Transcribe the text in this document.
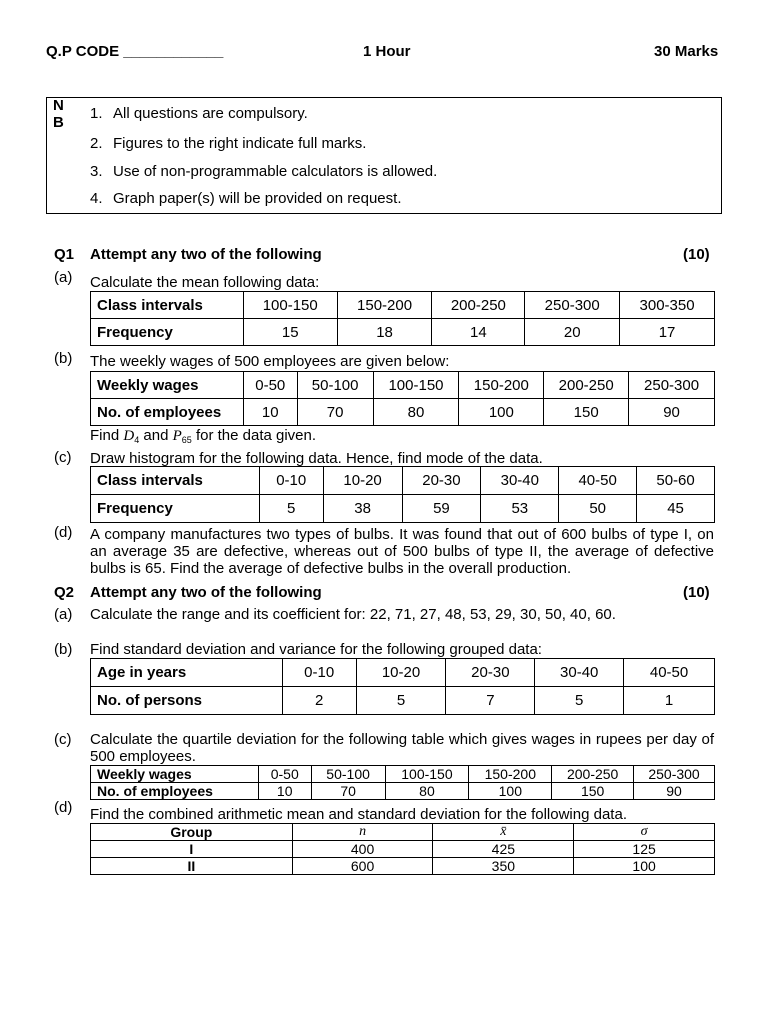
Q.P CODE ____________	1 Hour	30 Marks
N
B
1. All questions are compulsory.
2. Figures to the right indicate full marks.
3. Use of non-programmable calculators is allowed.
4. Graph paper(s) will be provided on request.
Q1 Attempt any two of the following	(10)
(a) Calculate the mean following data:
Class intervals	100-150	150-200	200-250	250-300	300-350
Frequency	15	18	14	20	17
(b) The weekly wages of 500 employees are given below:
Weekly wages	0-50	50-100	100-150	150-200	200-250	250-300
No. of employees	10	70	80	100	150	90
Find $D_4$ and $P_{65}$ for the data given.
(c) Draw histogram for the following data. Hence, find mode of the data.
Class intervals	0-10	10-20	20-30	30-40	40-50	50-60
Frequency	5	38	59	53	50	45
(d) A company manufactures two types of bulbs. It was found that out of 600 bulbs of type I, on an average 35 are defective, whereas out of 500 bulbs of type II, the average of defective bulbs is 65. Find the average of defective bulbs in the overall production.
Q2 Attempt any two of the following	(10)
(a) Calculate the range and its coefficient for: 22, 71, 27, 48, 53, 29, 30, 50, 40, 60.
(b) Find standard deviation and variance for the following grouped data:
Age in years	0-10	10-20	20-30	30-40	40-50
No. of persons	2	5	7	5	1
(c) Calculate the quartile deviation for the following table which gives wages in rupees per day of 500 employees.
Weekly wages	0-50	50-100	100-150	150-200	200-250	250-300
No. of employees	10	70	80	100	150	90
(d) Find the combined arithmetic mean and standard deviation for the following data.
Group	n	x̄	σ
I	400	425	125
II	600	350	100
